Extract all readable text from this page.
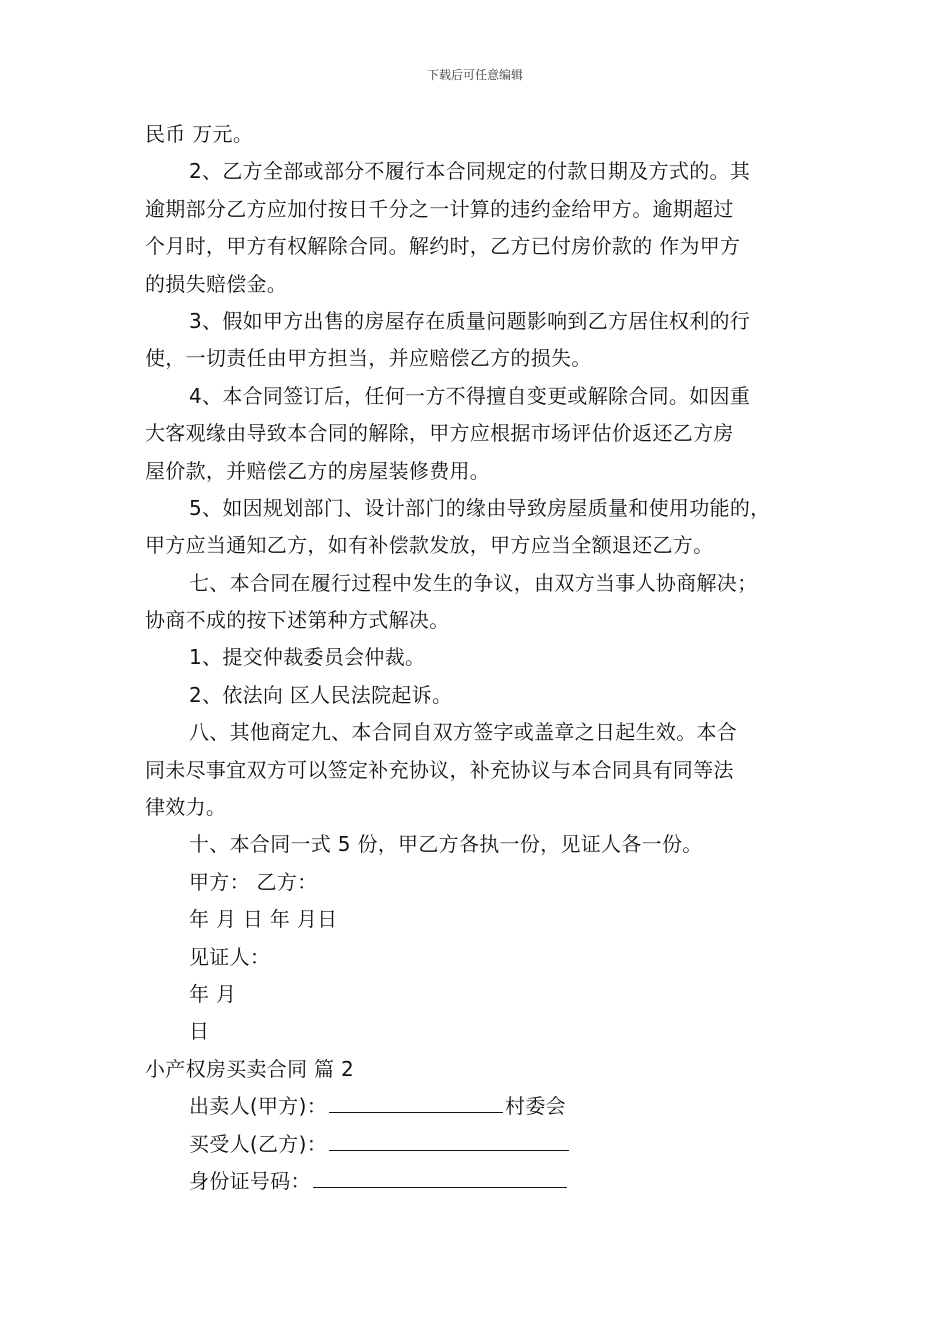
下载后可任意编辑
民币 万元。
2、乙方全部或部分不履行本合同规定的付款日期及方式的。其
逾期部分乙方应加付按日千分之一计算的违约金给甲方。逾期超过
个月时，甲方有权解除合同。解约时，乙方已付房价款的 作为甲方
的损失赔偿金。
3、假如甲方出售的房屋存在质量问题影响到乙方居住权利的行
使，一切责任由甲方担当，并应赔偿乙方的损失。
4、本合同签订后，任何一方不得擅自变更或解除合同。如因重
大客观缘由导致本合同的解除，甲方应根据市场评估价返还乙方房
屋价款，并赔偿乙方的房屋装修费用。
5、如因规划部门、设计部门的缘由导致房屋质量和使用功能的，
甲方应当通知乙方，如有补偿款发放，甲方应当全额退还乙方。
七、本合同在履行过程中发生的争议，由双方当事人协商解决；
协商不成的按下述第种方式解决。
1、提交仲裁委员会仲裁。
2、依法向 区人民法院起诉。
八、其他商定九、本合同自双方签字或盖章之日起生效。本合
同未尽事宜双方可以签定补充协议，补充协议与本合同具有同等法
律效力。
十、本合同一式 5 份，甲乙方各执一份，见证人各一份。
甲方： 乙方：
年 月 日 年 月日
见证人：
年 月
日
小产权房买卖合同 篇 2
出卖人(甲方)：	村委会
买受人(乙方)：
身份证号码：
